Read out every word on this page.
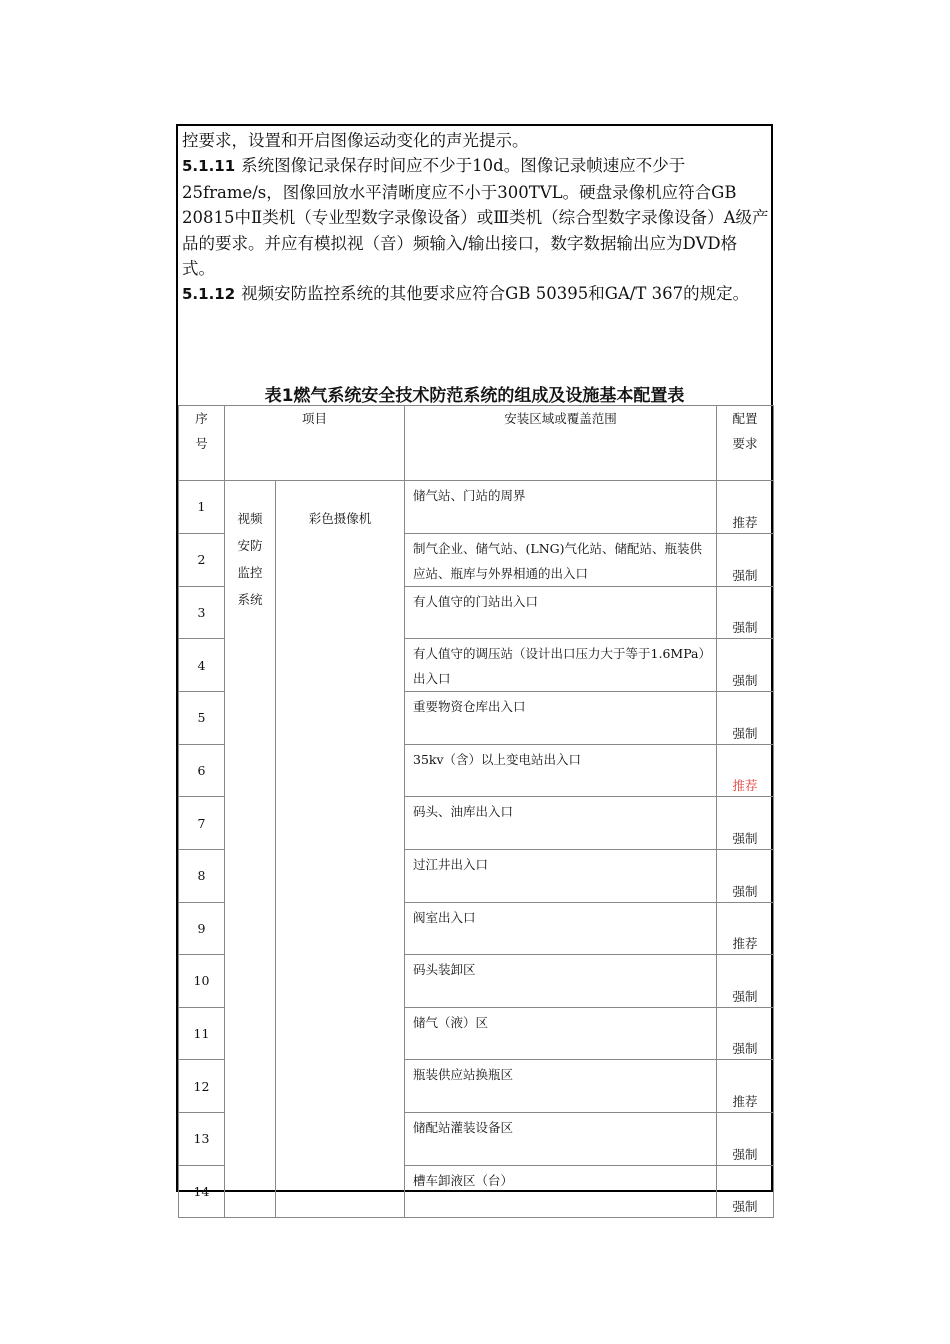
控要求，设置和开启图像运动变化的声光提示。

5.1.11 系统图像记录保存时间应不少于10d。图像记录帧速应不少于25frame/s，图像回放水平清晰度应不小于300TVL。硬盘录像机应符合GB 20815中Ⅱ类机（专业型数字录像设备）或Ⅲ类机（综合型数字录像设备）A级产品的要求。并应有模拟视（音）频输入/输出接口，数字数据输出应为DVD格式。

5.1.12 视频安防监控系统的其他要求应符合GB 50395和GA/T 367的规定。

表1燃气系统安全技术防范系统的组成及设施基本配置表

序
号	项目		安装区域或覆盖范围	配置
要求
1	视频
安防
监控
系统	彩色摄像机	储气站、门站的周界	推荐
2			制气企业、储气站、(LNG)气化站、储配站、瓶装供应站、瓶库与外界相通的出入口	强制
3			有人值守的门站出入口	强制
4			有人值守的调压站（设计出口压力大于等于1.6MPa）出入口	强制
5			重要物资仓库出入口	强制
6			35kv（含）以上变电站出入口	推荐
7			码头、油库出入口	强制
8			过江井出入口	强制
9			阀室出入口	推荐
10			码头装卸区	强制
11			储气（液）区	强制
12			瓶装供应站换瓶区	推荐
13			储配站灌装设备区	强制
14			槽车卸液区（台）	强制
